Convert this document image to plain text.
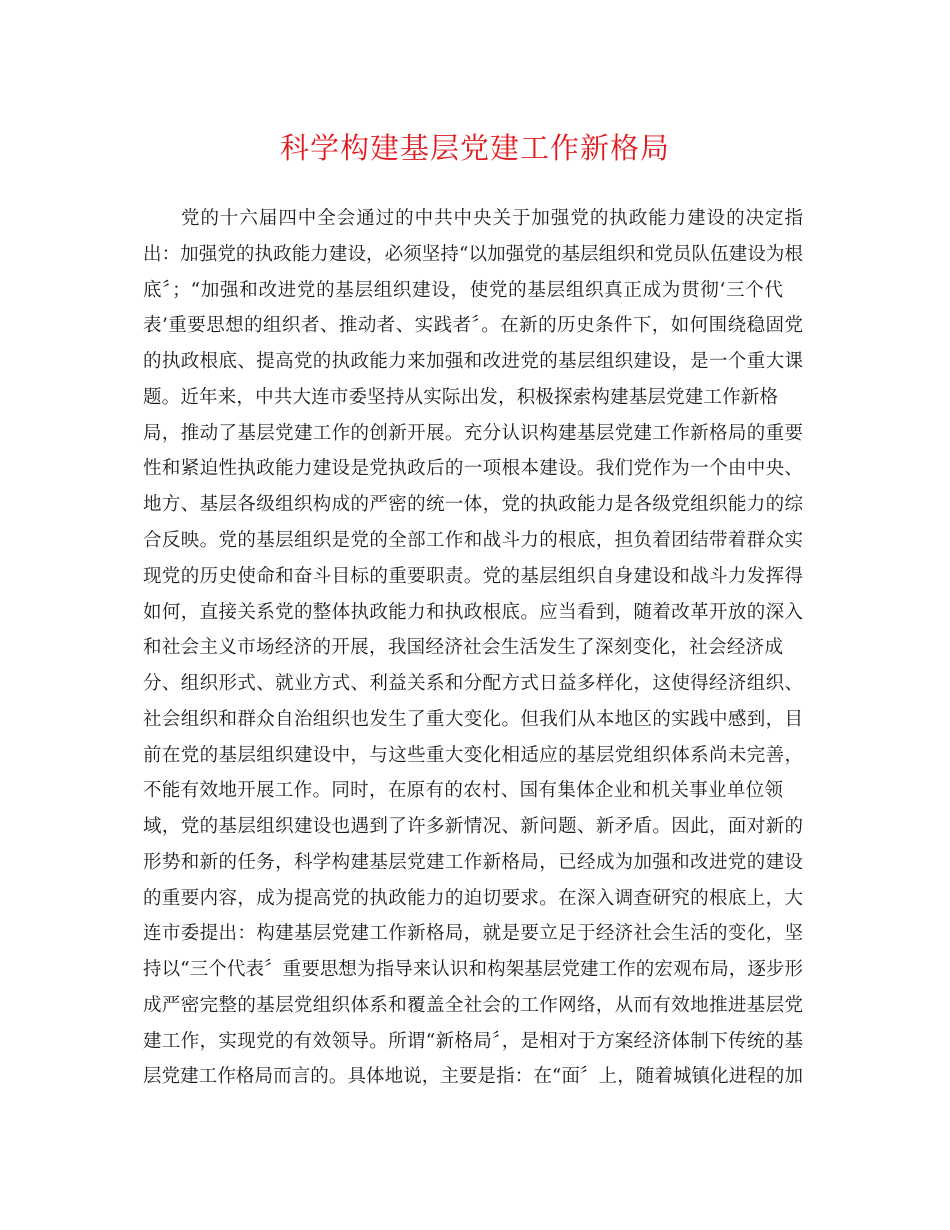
科学构建基层党建工作新格局
党的十六届四中全会通过的中共中央关于加强党的执政能力建设的决定指
出：加强党的执政能力建设，必须坚持“以加强党的基层组织和党员队伍建设为根
底〞；“加强和改进党的基层组织建设，使党的基层组织真正成为贯彻‘三个代
表’重要思想的组织者、推动者、实践者〞。在新的历史条件下，如何围绕稳固党
的执政根底、提高党的执政能力来加强和改进党的基层组织建设，是一个重大课
题。近年来，中共大连市委坚持从实际出发，积极探索构建基层党建工作新格
局，推动了基层党建工作的创新开展。充分认识构建基层党建工作新格局的重要
性和紧迫性执政能力建设是党执政后的一项根本建设。我们党作为一个由中央、
地方、基层各级组织构成的严密的统一体，党的执政能力是各级党组织能力的综
合反映。党的基层组织是党的全部工作和战斗力的根底，担负着团结带着群众实
现党的历史使命和奋斗目标的重要职责。党的基层组织自身建设和战斗力发挥得
如何，直接关系党的整体执政能力和执政根底。应当看到，随着改革开放的深入
和社会主义市场经济的开展，我国经济社会生活发生了深刻变化，社会经济成
分、组织形式、就业方式、利益关系和分配方式日益多样化，这使得经济组织、
社会组织和群众自治组织也发生了重大变化。但我们从本地区的实践中感到，目
前在党的基层组织建设中，与这些重大变化相适应的基层党组织体系尚未完善，
不能有效地开展工作。同时，在原有的农村、国有集体企业和机关事业单位领
域，党的基层组织建设也遇到了许多新情况、新问题、新矛盾。因此，面对新的
形势和新的任务，科学构建基层党建工作新格局，已经成为加强和改进党的建设
的重要内容，成为提高党的执政能力的迫切要求。在深入调查研究的根底上，大
连市委提出：构建基层党建工作新格局，就是要立足于经济社会生活的变化，坚
持以“三个代表〞重要思想为指导来认识和构架基层党建工作的宏观布局，逐步形
成严密完整的基层党组织体系和覆盖全社会的工作网络，从而有效地推进基层党
建工作，实现党的有效领导。所谓“新格局〞，是相对于方案经济体制下传统的基
层党建工作格局而言的。具体地说，主要是指：在“面〞上，随着城镇化进程的加
